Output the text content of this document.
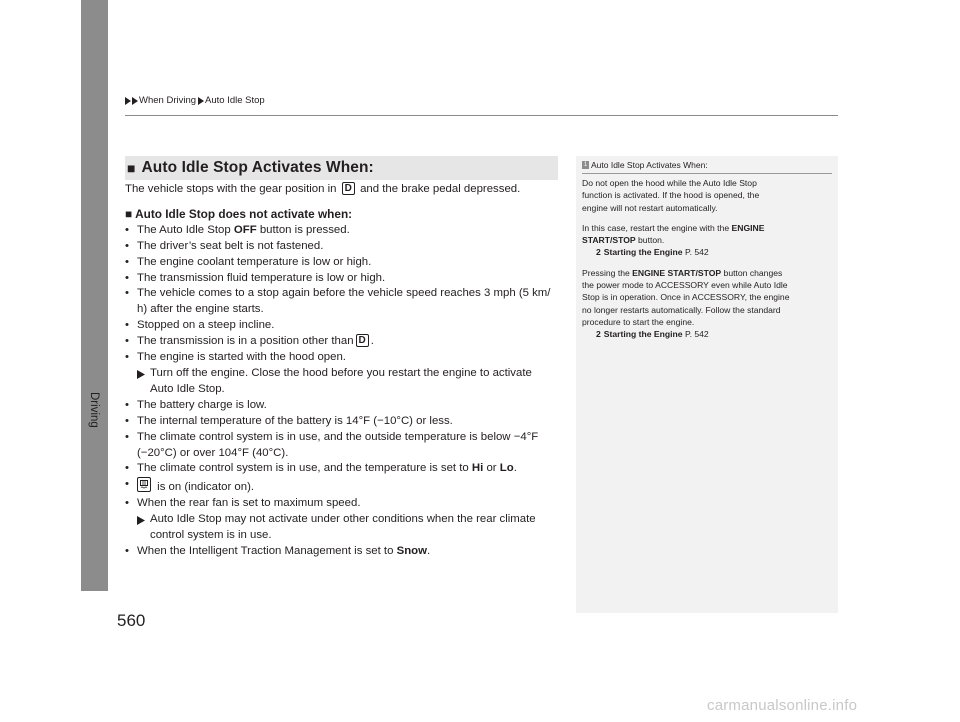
Driving
When Driving Auto Idle Stop
■ Auto Idle Stop Activates When:

The vehicle stops with the gear position in D and the brake pedal depressed.

■ Auto Idle Stop does not activate when:

• The Auto Idle Stop OFF button is pressed.

• The driver’s seat belt is not fastened.

• The engine coolant temperature is low or high.

• The transmission fluid temperature is low or high.

• The vehicle comes to a stop again before the vehicle speed reaches 3 mph (5 km/
h) after the engine starts.

• Stopped on a steep incline.

• The transmission is in a position other than D .

• The engine is started with the hood open.

Turn off the engine. Close the hood before you restart the engine to activate
Auto Idle Stop.

• The battery charge is low.

• The internal temperature of the battery is 14°F (−10°C) or less.

• The climate control system is in use, and the outside temperature is below −4°F
(−20°C) or over 104°F (40°C).

• The climate control system is in use, and the temperature is set to Hi or Lo.

• is on (indicator on).

• When the rear fan is set to maximum speed.

Auto Idle Stop may not activate under other conditions when the rear climate
control system is in use.

• When the Intelligent Traction Management is set to Snow.

1 Auto Idle Stop Activates When:

Do not open the hood while the Auto Idle Stop
function is activated. If the hood is opened, the
engine will not restart automatically.

In this case, restart the engine with the ENGINE
START/STOP button.

2 Starting the Engine P. 542

Pressing the ENGINE START/STOP button changes
the power mode to ACCESSORY even while Auto Idle
Stop is in operation. Once in ACCESSORY, the engine
no longer restarts automatically. Follow the standard
procedure to start the engine.

2 Starting the Engine P. 542

560
carmanualsonline.info
